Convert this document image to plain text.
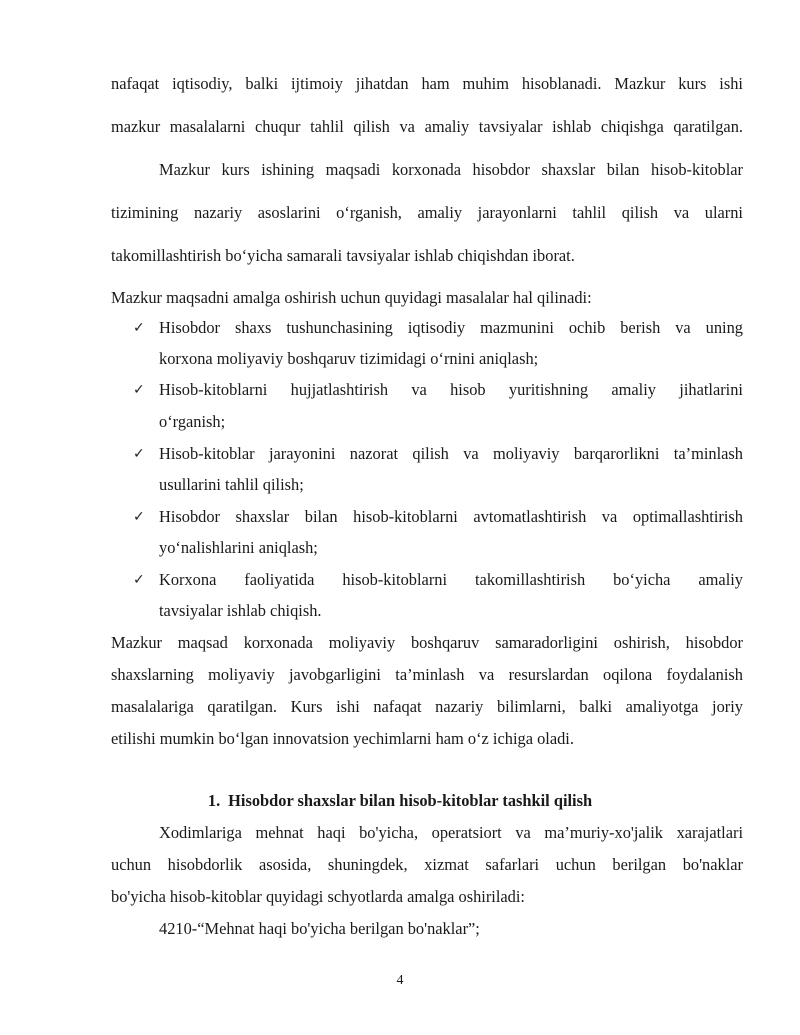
nafaqat iqtisodiy, balki ijtimoiy jihatdan ham muhim hisoblanadi. Mazkur kurs ishi
mazkur masalalarni chuqur tahlil qilish va amaliy tavsiyalar ishlab chiqishga qaratilgan.
Mazkur kurs ishining maqsadi korxonada hisobdor shaxslar bilan hisob-kitoblar
tizimining nazariy asoslarini o‘rganish, amaliy jarayonlarni tahlil qilish va ularni
takomillashtirish bo‘yicha samarali tavsiyalar ishlab chiqishdan iborat.
Mazkur maqsadni amalga oshirish uchun quyidagi masalalar hal qilinadi:
✓ Hisobdor shaxs tushunchasining iqtisodiy mazmunini ochib berish va uning
korxona moliyaviy boshqaruv tizimidagi o‘rnini aniqlash;
✓ Hisob-kitoblarni hujjatlashtirish va hisob yuritishning amaliy jihatlarini
o‘rganish;
✓ Hisob-kitoblar jarayonini nazorat qilish va moliyaviy barqarorlikni ta’minlash
usullarini tahlil qilish;
✓ Hisobdor shaxslar bilan hisob-kitoblarni avtomatlashtirish va optimallashtirish
yo‘nalishlarini aniqlash;
✓ Korxona faoliyatida hisob-kitoblarni takomillashtirish bo‘yicha amaliy
tavsiyalar ishlab chiqish.
Mazkur maqsad korxonada moliyaviy boshqaruv samaradorligini oshirish, hisobdor
shaxslarning moliyaviy javobgarligini ta’minlash va resurslardan oqilona foydalanish
masalalariga qaratilgan. Kurs ishi nafaqat nazariy bilimlarni, balki amaliyotga joriy
etilishi mumkin bo‘lgan innovatsion yechimlarni ham o‘z ichiga oladi.
1. Hisobdor shaxslar bilan hisob-kitoblar tashkil qilish
Xodimlariga mehnat haqi bo'yicha, operatsiort va ma’muriy-xo'jalik xarajatlari
uchun hisobdorlik asosida, shuningdek, xizmat safarlari uchun berilgan bo'naklar
bo'yicha hisob-kitoblar quyidagi schyotlarda amalga oshiriladi:
4210-“Mehnat haqi bo'yicha berilgan bo'naklar”;
4
